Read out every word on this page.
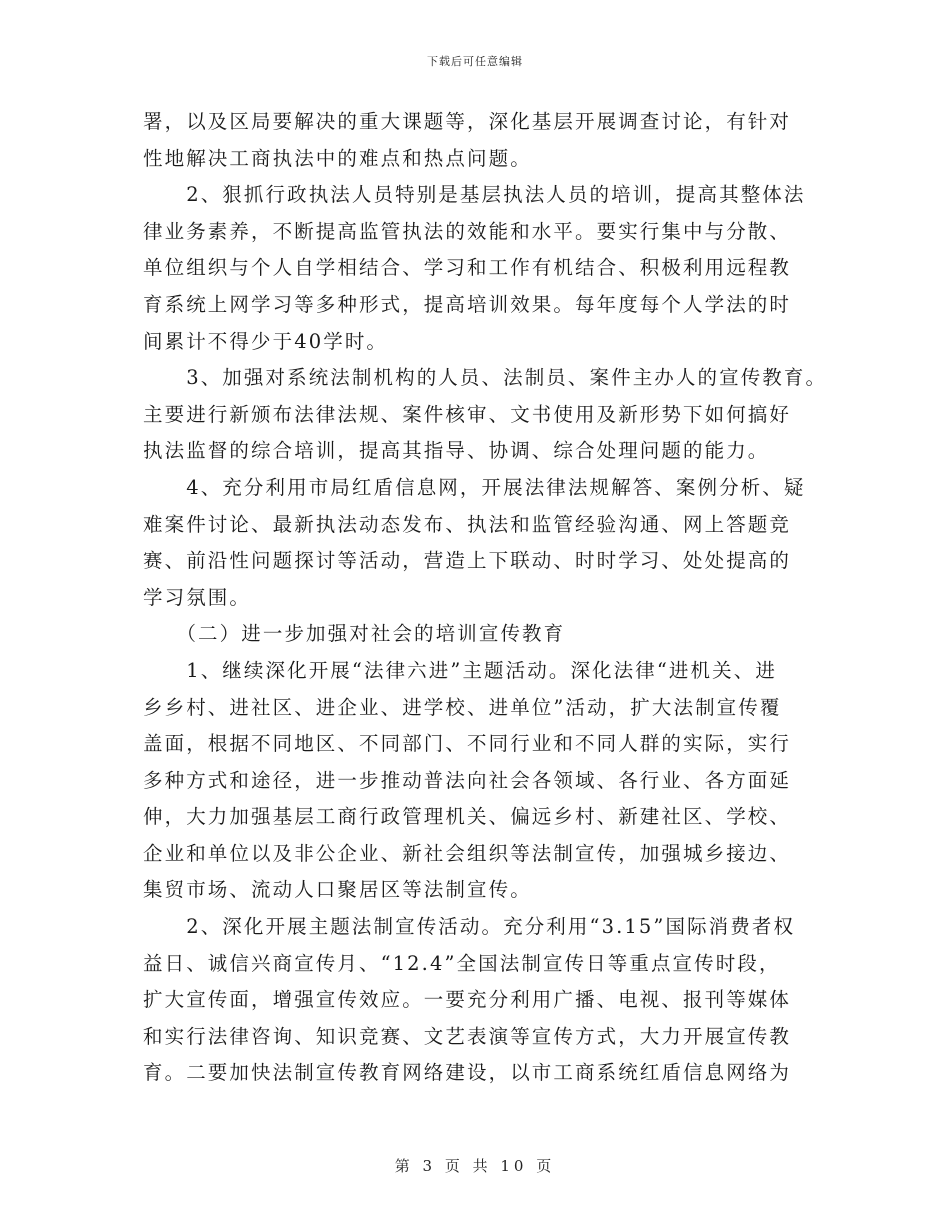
下载后可任意编辑
署，以及区局要解决的重大课题等，深化基层开展调查讨论，有针对
性地解决工商执法中的难点和热点问题。
　　2、狠抓行政执法人员特别是基层执法人员的培训，提高其整体法
律业务素养，不断提高监管执法的效能和水平。要实行集中与分散、
单位组织与个人自学相结合、学习和工作有机结合、积极利用远程教
育系统上网学习等多种形式，提高培训效果。每年度每个人学法的时
间累计不得少于40学时。
　　3、加强对系统法制机构的人员、法制员、案件主办人的宣传教育。
主要进行新颁布法律法规、案件核审、文书使用及新形势下如何搞好
执法监督的综合培训，提高其指导、协调、综合处理问题的能力。
　　4、充分利用市局红盾信息网，开展法律法规解答、案例分析、疑
难案件讨论、最新执法动态发布、执法和监管经验沟通、网上答题竞
赛、前沿性问题探讨等活动，营造上下联动、时时学习、处处提高的
学习氛围。
　　（二）进一步加强对社会的培训宣传教育
　　1、继续深化开展“法律六进”主题活动。深化法律“进机关、进
乡乡村、进社区、进企业、进学校、进单位”活动，扩大法制宣传覆
盖面，根据不同地区、不同部门、不同行业和不同人群的实际，实行
多种方式和途径，进一步推动普法向社会各领域、各行业、各方面延
伸，大力加强基层工商行政管理机关、偏远乡村、新建社区、学校、
企业和单位以及非公企业、新社会组织等法制宣传，加强城乡接边、
集贸市场、流动人口聚居区等法制宣传。
　　2、深化开展主题法制宣传活动。充分利用“3.15”国际消费者权
益日、诚信兴商宣传月、“12.4”全国法制宣传日等重点宣传时段，
扩大宣传面，增强宣传效应。一要充分利用广播、电视、报刊等媒体
和实行法律咨询、知识竞赛、文艺表演等宣传方式，大力开展宣传教
育。二要加快法制宣传教育网络建设，以市工商系统红盾信息网络为
第 3 页 共 10 页
